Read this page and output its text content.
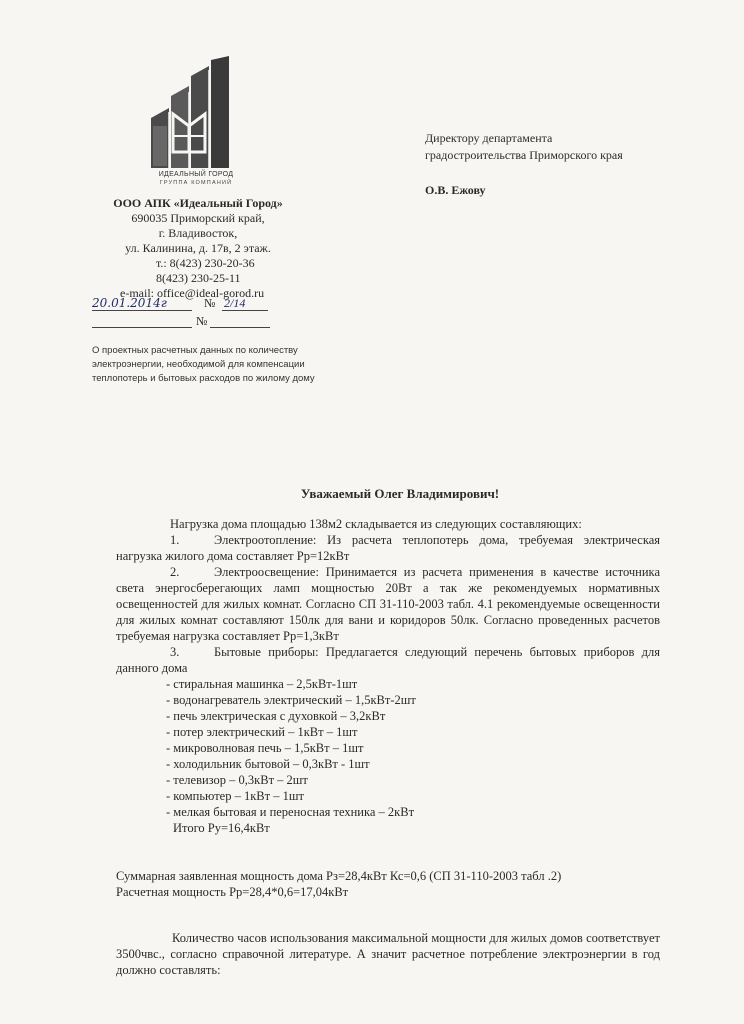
ИДЕАЛЬНЫЙ ГОРОД
ГРУППА КОМПАНИЙ
ООО АПК «Идеальный Город»
690035 Приморский край,
г. Владивосток,
ул. Калинина, д. 17в, 2 этаж.
т.: 8(423) 230-20-36
8(423) 230-25-11
e-mail: office@ideal-gorod.ru
20.01.2014г	№ 2/14
№
О проектных расчетных данных по количеству электроэнергии, необходимой для компенсации теплопотерь и бытовых расходов по жилому дому
Директору департамента
градостроительства Приморского края
О.В. Ежову
Уважаемый Олег Владимирович!

Нагрузка дома площадью 138м2 складывается из следующих составляющих:

1.	Электроотопление: Из расчета теплопотерь дома, требуемая электрическая нагрузка жилого дома составляет Рр=12кВт

2.	Электроосвещение: Принимается из расчета применения в качестве источника света энергосберегающих ламп мощностью 20Вт а так же рекомендуемых нормативных освещенностей для жилых комнат. Согласно СП 31-110-2003 табл. 4.1 рекомендуемые освещенности для жилых комнат составляют 150лк для вани и коридоров 50лк. Согласно проведенных расчетов требуемая нагрузка составляет Рр=1,3кВт

3.	Бытовые приборы: Предлагается следующий перечень бытовых приборов для данного дома

- стиральная машинка – 2,5кВт-1шт
- водонагреватель электрический – 1,5кВт-2шт
- печь электрическая с духовкой – 3,2кВт
- потер электрический – 1кВт – 1шт
- микроволновая печь – 1,5кВт – 1шт
- холодильник бытовой – 0,3кВт - 1шт
- телевизор – 0,3кВт – 2шт
- компьютер – 1кВт – 1шт
- мелкая бытовая и переносная техника – 2кВт

Итого Ру=16,4кВт

Суммарная заявленная мощность дома Рз=28,4кВт Кс=0,6 (СП 31-110-2003 табл .2)

Расчетная мощность Рр=28,4*0,6=17,04кВт

Количество часов использования максимальной мощности для жилых домов соответствует 3500чвс., согласно справочной литературе. А значит расчетное потребление электроэнергии в год должно составлять:
